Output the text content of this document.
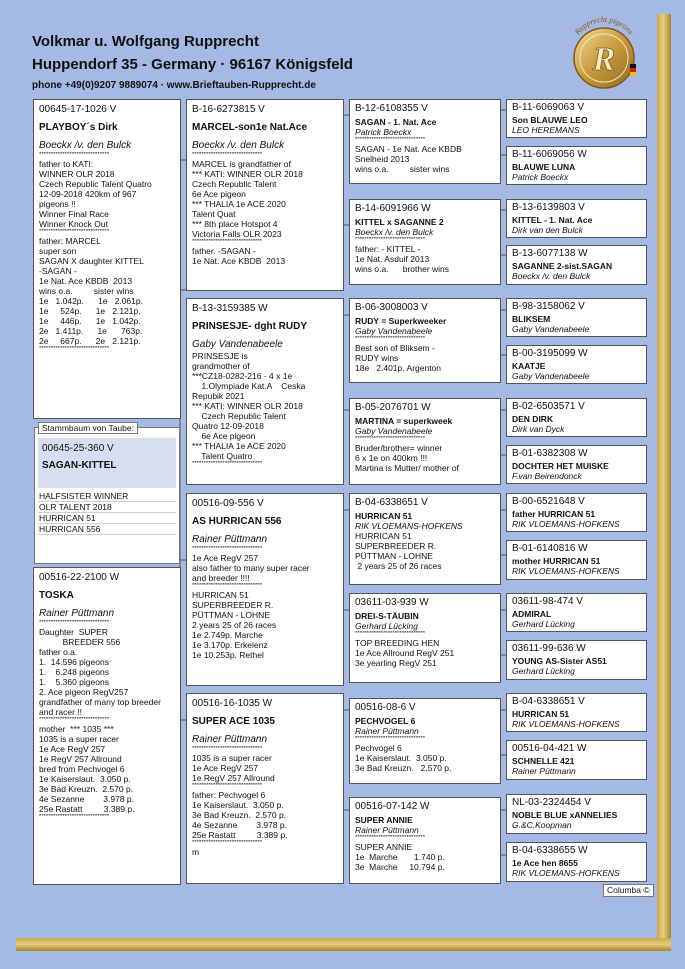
Volkmar u. Wolfgang Rupprecht
Huppendorf 35 - Germany · 96167 Königsfeld
phone +49(0)9207 9889074 · www.Brieftauben-Rupprecht.de
R
Rupprecht pigeons
00645-17-1026 V
PLAYBOY´s Dirk
Boeckx /v. den Bulck
******************************
father to KATI:
WINNER OLR 2018
Czech Republic Talent Quatro
12-09-2018 420km of 967
pigeons !!
Winner Final Race
Winner Knock Out
******************************
father: MARCEL
super son
SAGAN X daughter KITTEL
-SAGAN -
1e Nat. Ace KBDB  2013
wins o.a.         sister wins
1e   1.042p.      1e   2.061p.
1e     524p.      1e   2.121p.
1e     446p.      1e   1.042p.
2e   1.411p.      1e      763p.
2e     667p.      2e   2.121p.
******************************
00645-25-360 V
SAGAN-KITTEL
HALFSISTER WINNER
OLR TALENT 2018
HURRICAN 51
HURRICAN 556
Stammbaum von Taube:
00516-22-2100 W
TOSKA
Rainer Püttmann
******************************
Daughter  SUPER
BREEDER 556
father o.a.
1.  14.596 pigeons
1.    6.248 pigeons
1.    5.360 pigeons
2. Ace pigeon RegV257
grandfather of many top breeder
and racer !!
******************************
mother  *** 1035 ***
1035 is a super racer
1e Ace RegV 257
1e RegV 257 Allround
bred from Pechvogel 6
1e Kaiserslaut.  3.050 p.
3e Bad Kreuzn.  2.570 p.
4e Sezanne        3.978 p.
25e Rastatt         3.389 p.
******************************
B-16-6273815 V
MARCEL-son1e Nat.Ace
Boeckx /v. den Bulck
******************************
MARCEL is grandfather of
*** KATI: WINNER OLR 2018
Czech Republic Talent
6e Ace pigeon
*** THALIA 1e ACE 2020
Talent Quat
*** 8th place Hotspot 4
Victoria Falls OLR 2023
******************************
father. -SAGAN -
1e Nat. Ace KBDB  2013
B-13-3159385 W
PRINSESJE- dght RUDY
Gaby Vandenabeele
PRINSESJE is
grandmother of
***CZ18-0282-216 - 4 x 1e
1.Olympiade Kat.A    Ceska
Repubik 2021
*** KATI: WINNER OLR 2018
Czech Republic Talent
Quatro 12-09-2018
6e Ace pigeon
*** THALIA 1e ACE 2020
Talent Quatro
******************************
00516-09-556 V
AS HURRICAN 556
Rainer Püttmann
******************************
1e Ace RegV 257
also father to many super racer
and breeder !!!!
******************************
HURRICAN 51
SUPERBREEDER R.
PÜTTMAN - LOHNE
2 years 25 of 26 races
1e 2.749p. Marche
1e 3.170p. Erkelenz
1e 10.253p. Rethel
00516-16-1035 W
SUPER ACE 1035
Rainer Püttmann
******************************
1035 is a super racer
1e Ace RegV 257
1e RegV 257 Allround
******************************
father: Pechvogel 6
1e Kaiserslaut.  3.050 p.
3e Bad Kreuzn.  2.570 p.
4e Sezanne        3.978 p.
25e Rastatt         3.389 p.
******************************
m
B-12-6108355 V
SAGAN - 1. Nat. Ace
Patrick Boeckx
******************************
SAGAN - 1e Nat. Ace KBDB
Snelheid 2013
wins o.a.         sister wins
B-14-6091966 W
KITTEL x SAGANNE 2
Boeckx /v. den Bulck
******************************
father: - KITTEL -
1e Nat. Asduif 2013
wins o.a.      brother wins
B-06-3008003 V
RUDY = Superkweeker
Gaby Vandenabeele
******************************
Best son of Bliksem -
RUDY wins
18e   2.401p. Argenton
B-05-2076701 W
MARTINA = superkweek
Gaby Vandenabeele
******************************
Bruder/brother= winner
6 x 1e on 400km !!!
Martina is Mutter/ mother of
B-04-6338651 V
HURRICAN 51
RIK VLOEMANS-HOFKENS
HURRICAN 51
SUPERBREEDER R.
PÜTTMAN - LOHNE
2 years 25 of 26 races
03611-03-939 W
DREI-S-TÄUBIN
Gerhard Lücking
******************************
TOP BREEDING HEN
1e Ace Allround RegV 251
3e yearling RegV 251
00516-08-6 V
PECHVOGEL 6
Rainer Püttmann
******************************
Pechvogel 6
1e Kaiserslaut.  3.050 p.
3e Bad Kreuzn.   2.570 p.
00516-07-142 W
SUPER ANNIE
Rainer Püttmann
******************************
SUPER ANNIE
1e  Marche       1.740 p.
3e  Marche     10.794 p.
B-11-6069063 V
Son BLAUWE LEO
LEO HEREMANS
B-11-6069056 W
BLAUWE LUNA
Patrick Boeckx
B-13-6139803 V
KITTEL - 1. Nat. Ace
Dirk van den Bulck
B-13-6077138 W
SAGANNE 2-sist.SAGAN
Boeckx /v. den Bulck
B-98-3158062 V
BLIKSEM
Gaby Vandenabeele
B-00-3195099 W
KAATJE
Gaby Vandenabeele
B-02-6503571 V
DEN DIRK
Dirk van Dyck
B-01-6382308 W
DOCHTER HET MUISKE
F.van Beirendonck
B-00-6521648 V
father HURRICAN 51
RIK VLOEMANS-HOFKENS
B-01-6140816 W
mother HURRICAN 51
RIK VLOEMANS-HOFKENS
03611-98-474 V
ADMIRAL
Gerhard Lücking
03611-99-636 W
YOUNG AS-Sister AS51
Gerhard Lücking
B-04-6338651 V
HURRICAN 51
RIK VLOEMANS-HOFKENS
00516-04-421 W
SCHNELLE 421
Rainer Püttmann
NL-03-2324454 V
NOBLE BLUE xANNELIES
G.&C.Koopman
B-04-6338655 W
1e Ace hen 8655
RIK VLOEMANS-HOFKENS
Columba ©
